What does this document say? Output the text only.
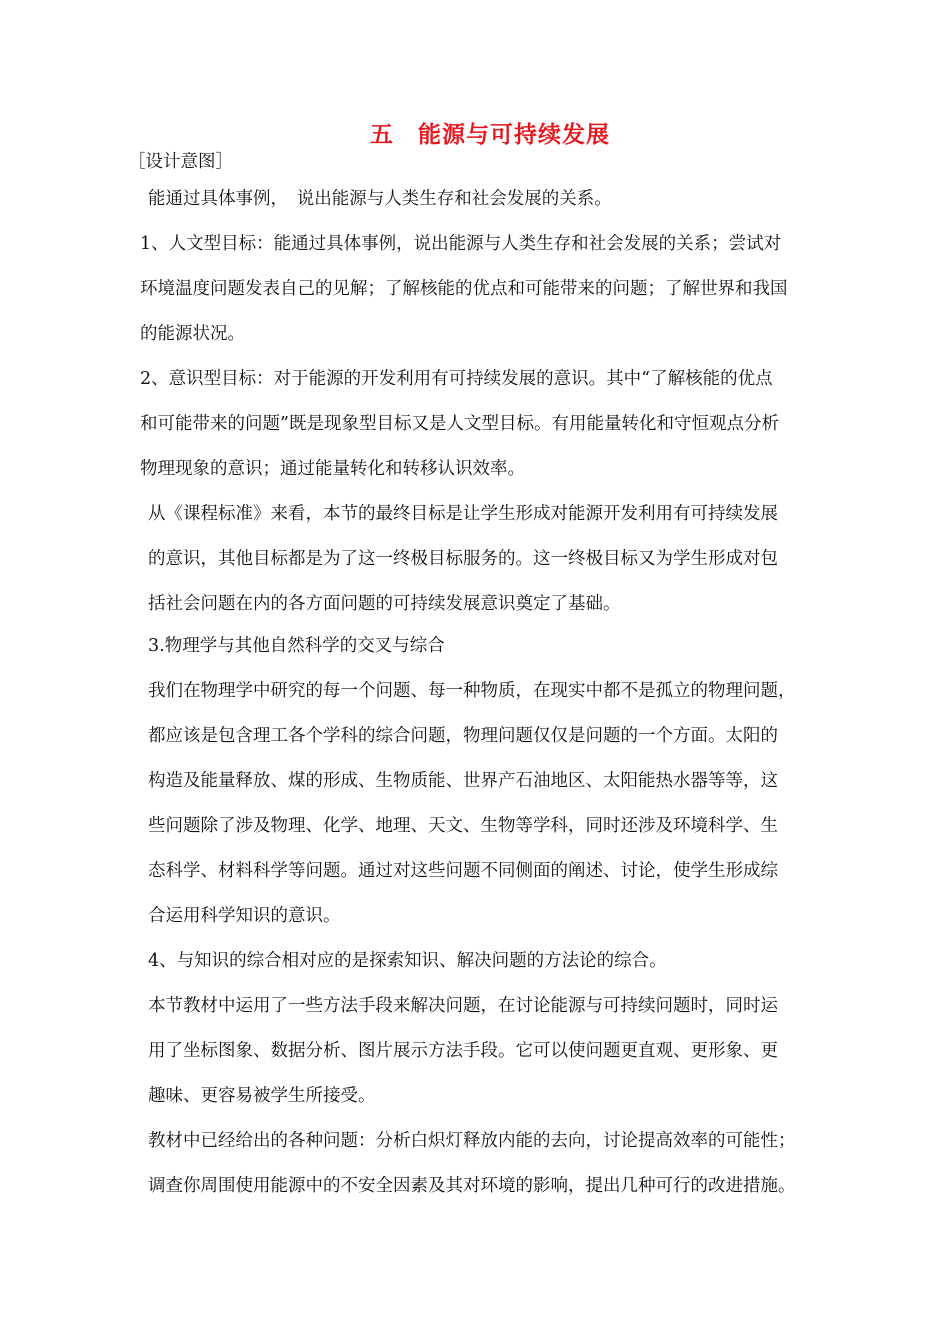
五　能源与可持续发展
［设计意图］
能通过具体事例，　说出能源与人类生存和社会发展的关系。
1、人文型目标：能通过具体事例，说出能源与人类生存和社会发展的关系；尝试对
环境温度问题发表自己的见解；了解核能的优点和可能带来的问题；了解世界和我国
的能源状况。
2、意识型目标：对于能源的开发利用有可持续发展的意识。其中“了解核能的优点
和可能带来的问题”既是现象型目标又是人文型目标。有用能量转化和守恒观点分析
物理现象的意识；通过能量转化和转移认识效率。
从《课程标准》来看，本节的最终目标是让学生形成对能源开发利用有可持续发展
的意识，其他目标都是为了这一终极目标服务的。这一终极目标又为学生形成对包
括社会问题在内的各方面问题的可持续发展意识奠定了基础。
3.物理学与其他自然科学的交叉与综合
我们在物理学中研究的每一个问题、每一种物质，在现实中都不是孤立的物理问题，
都应该是包含理工各个学科的综合问题，物理问题仅仅是问题的一个方面。太阳的
构造及能量释放、煤的形成、生物质能、世界产石油地区、太阳能热水器等等，这
些问题除了涉及物理、化学、地理、天文、生物等学科，同时还涉及环境科学、生
态科学、材料科学等问题。通过对这些问题不同侧面的阐述、讨论，使学生形成综
合运用科学知识的意识。
4、与知识的综合相对应的是探索知识、解决问题的方法论的综合。
本节教材中运用了一些方法手段来解决问题，在讨论能源与可持续问题时，同时运
用了坐标图象、数据分析、图片展示方法手段。它可以使问题更直观、更形象、更
趣味、更容易被学生所接受。
教材中已经给出的各种问题：分析白炽灯释放内能的去向，讨论提高效率的可能性；
调查你周围使用能源中的不安全因素及其对环境的影响，提出几种可行的改进措施。
